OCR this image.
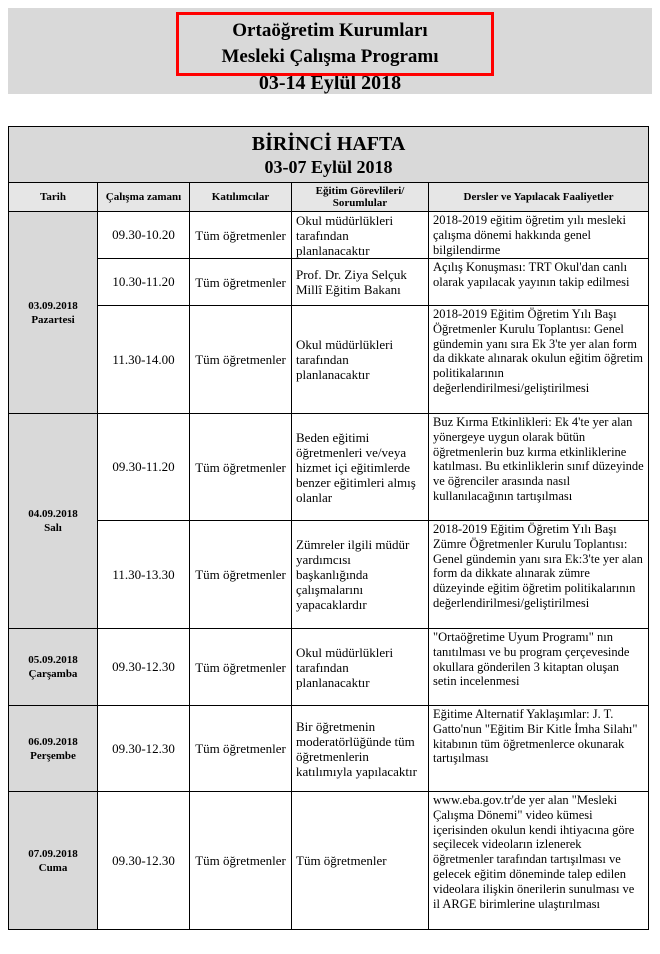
Ortaöğretim Kurumları
Mesleki Çalışma Programı
03-14 Eylül 2018
BİRİNCİ HAFTA
03-07 Eylül 2018				

Tarih	Çalışma zamanı	Katılımcılar	Eğitim Görevlileri/ Sorumlular	Dersler ve Yapılacak Faaliyetler

03.09.2018
Pazartesi	09.30-10.20	Tüm öğretmenler	Okul müdürlükleri tarafından planlanacaktır	2018-2019 eğitim öğretim yılı mesleki çalışma dönemi hakkında genel bilgilendirme
	10.30-11.20	Tüm öğretmenler	Prof. Dr. Ziya Selçuk Millî Eğitim Bakanı	Açılış Konuşması: TRT Okul'dan canlı olarak yapılacak yayının takip edilmesi
	11.30-14.00	Tüm öğretmenler	Okul müdürlükleri tarafından planlanacaktır	2018-2019 Eğitim Öğretim Yılı Başı Öğretmenler Kurulu Toplantısı: Genel gündemin yanı sıra Ek 3'te yer alan form da dikkate alınarak okulun eğitim öğretim politikalarının değerlendirilmesi/geliştirilmesi

04.09.2018
Salı	09.30-11.20	Tüm öğretmenler	Beden eğitimi öğretmenleri ve/veya hizmet içi eğitimlerde benzer eğitimleri almış olanlar	Buz Kırma Etkinlikleri: Ek 4'te yer alan yönergeye uygun olarak bütün öğretmenlerin buz kırma etkinliklerine katılması. Bu etkinliklerin sınıf düzeyinde ve öğrenciler arasında nasıl kullanılacağının tartışılması
	11.30-13.30	Tüm öğretmenler	Zümreler ilgili müdür yardımcısı başkanlığında çalışmalarını yapacaklardır	2018-2019 Eğitim Öğretim Yılı Başı Zümre Öğretmenler Kurulu Toplantısı: Genel gündemin yanı sıra Ek:3'te yer alan form da dikkate alınarak zümre düzeyinde eğitim öğretim politikalarının değerlendirilmesi/geliştirilmesi

05.09.2018
Çarşamba	09.30-12.30	Tüm öğretmenler	Okul müdürlükleri tarafından planlanacaktır	"Ortaöğretime Uyum Programı" nın tanıtılması ve bu program çerçevesinde okullara gönderilen 3 kitaptan oluşan setin incelenmesi

06.09.2018
Perşembe	09.30-12.30	Tüm öğretmenler	Bir öğretmenin moderatörlüğünde tüm öğretmenlerin katılımıyla yapılacaktır	Eğitime Alternatif Yaklaşımlar: J. T. Gatto'nun "Eğitim Bir Kitle İmha Silahı" kitabının tüm öğretmenlerce okunarak tartışılması

07.09.2018
Cuma	09.30-12.30	Tüm öğretmenler	Tüm öğretmenler	www.eba.gov.tr'de yer alan "Mesleki Çalışma Dönemi" video kümesi içerisinden okulun kendi ihtiyacına göre seçilecek videoların izlenerek öğretmenler tarafından tartışılması ve gelecek eğitim döneminde talep edilen videolara ilişkin önerilerin sunulması ve il ARGE birimlerine ulaştırılması
